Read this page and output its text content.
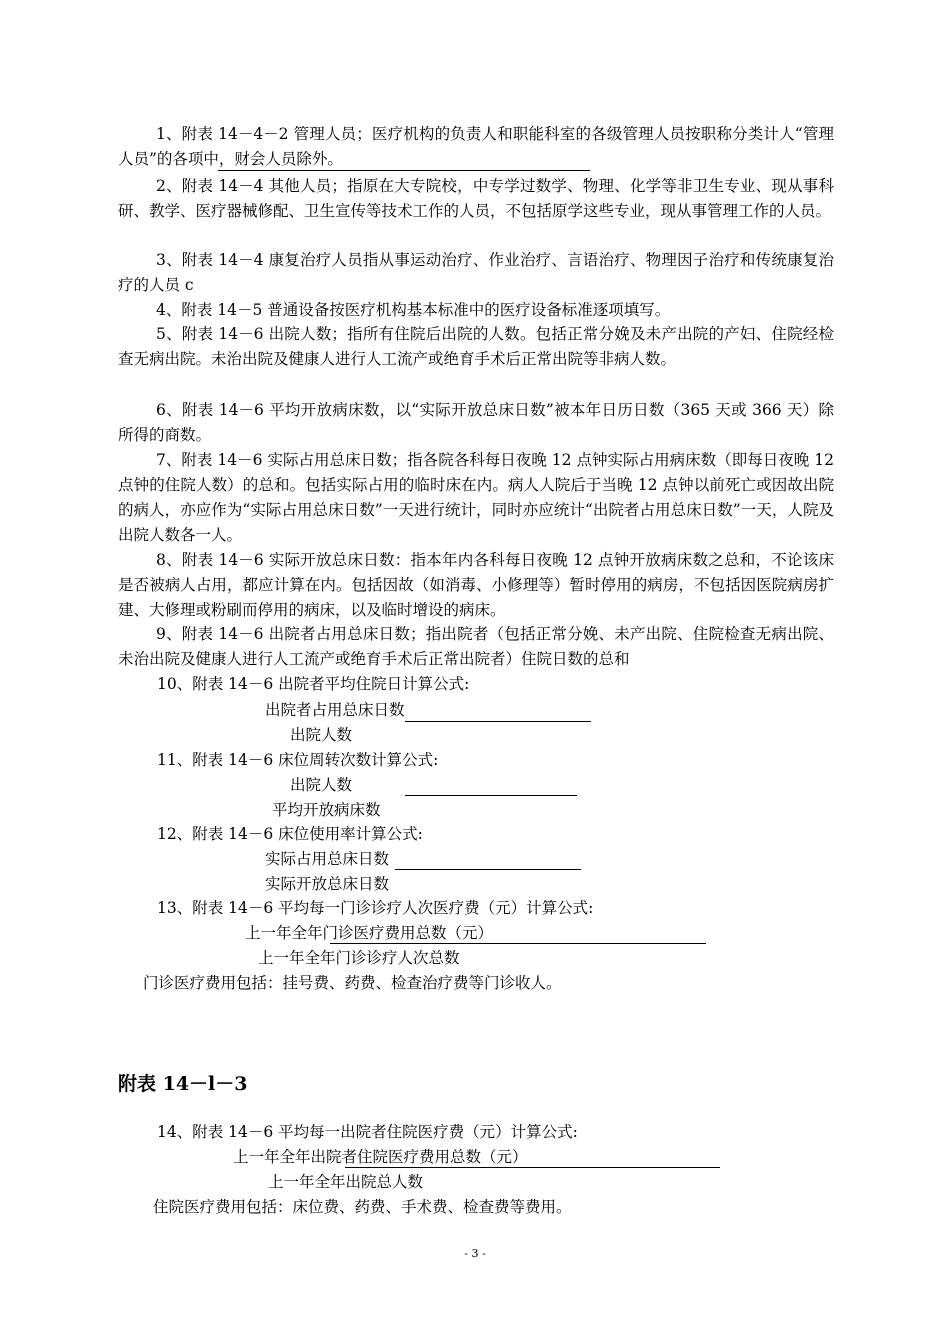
1、附表 14－4－2 管理人员；医疗机构的负责人和职能科室的各级管理人员按职称分类计人“管理人员”的各项中，财会人员除外。

2、附表 14－4 其他人员；指原在大专院校，中专学过数学、物理、化学等非卫生专业、现从事科研、教学、医疗器械修配、卫生宣传等技术工作的人员，不包括原学这些专业，现从事管理工作的人员。

3、附表 14－4 康复治疗人员指从事运动治疗、作业治疗、言语治疗、物理因子治疗和传统康复治疗的人员 c

4、附表 14－5 普通设备按医疗机构基本标准中的医疗设备标准逐项填写。

5、附表 14－6 出院人数；指所有住院后出院的人数。包括正常分娩及未产出院的产妇、住院经检查无病出院。未治出院及健康人进行人工流产或绝育手术后正常出院等非病人数。

6、附表 14－6 平均开放病床数，以“实际开放总床日数”被本年日历日数（365 天或 366 天）除所得的商数。

7、附表 14－6 实际占用总床日数；指各院各科每日夜晚 12 点钟实际占用病床数（即每日夜晚 12 点钟的住院人数）的总和。包括实际占用的临时床在内。病人人院后于当晚 12 点钟以前死亡或因故出院的病人，亦应作为“实际占用总床日数”一天进行统计，同时亦应统计“出院者占用总床日数”一天，人院及出院人数各一人。

8、附表 14－6 实际开放总床日数：指本年内各科每日夜晚 12 点钟开放病床数之总和，不论该床是否被病人占用，都应计算在内。包括因故（如消毒、小修理等）暂时停用的病房，不包括因医院病房扩建、大修理或粉刷而停用的病床，以及临时增设的病床。

9、附表 14－6 出院者占用总床日数；指出院者（包括正常分娩、未产出院、住院检查无病出院、未治出院及健康人进行人工流产或绝育手术后正常出院者）住院日数的总和

10、附表 14－6 出院者平均住院日计算公式:
出院者占用总床日数
出院人数
11、附表 14－6 床位周转次数计算公式:
出院人数
平均开放病床数
12、附表 14－6 床位使用率计算公式:
实际占用总床日数
实际开放总床日数
13、附表 14－6 平均每一门诊诊疗人次医疗费（元）计算公式:
上一年全年门诊医疗费用总数（元）
上一年全年门诊诊疗人次总数
门诊医疗费用包括：挂号费、药费、检查治疗费等门诊收人。
附表 14－l－3
14、附表 14－6 平均每一出院者住院医疗费（元）计算公式:
上一年全年出院者住院医疗费用总数（元）
上一年全年出院总人数
住院医疗费用包括：床位费、药费、手术费、检查费等费用。
- 3 -
